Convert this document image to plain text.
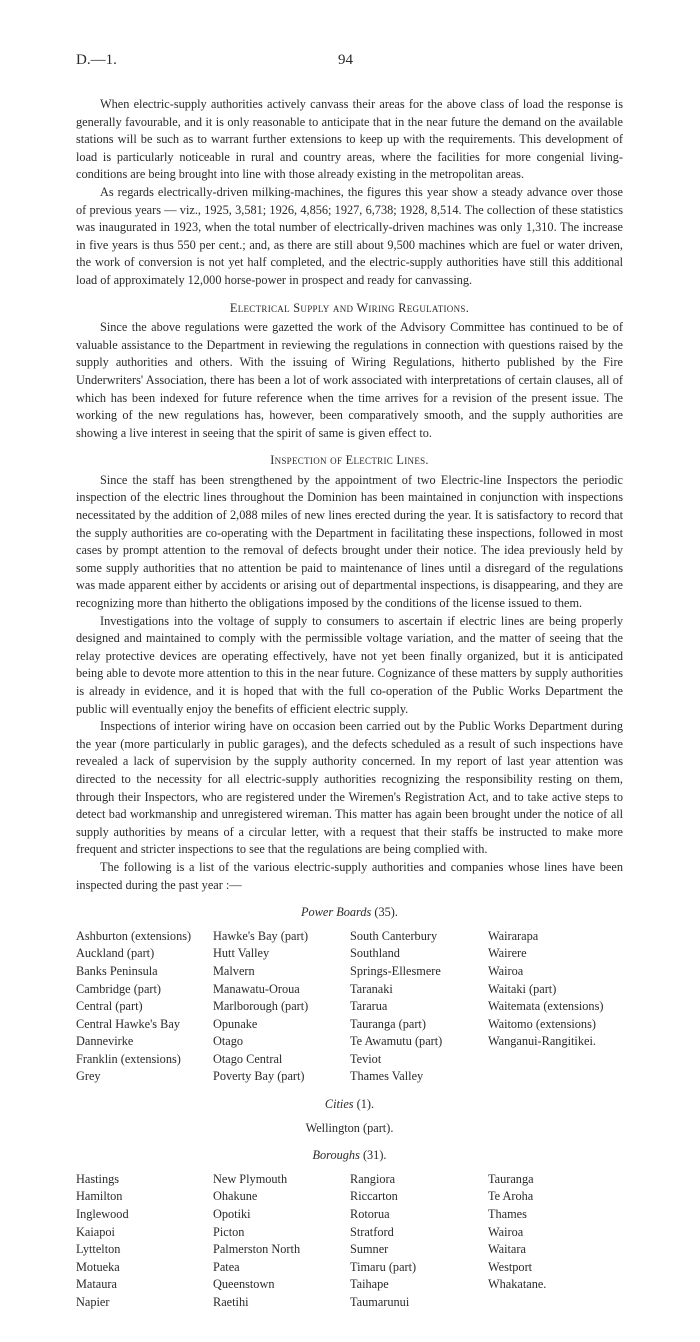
D.—1.	94

When electric-supply authorities actively canvass their areas for the above class of load the response is generally favourable, and it is only reasonable to anticipate that in the near future the demand on the available stations will be such as to warrant further extensions to keep up with the requirements. This development of load is particularly noticeable in rural and country areas, where the facilities for more congenial living-conditions are being brought into line with those already existing in the metropolitan areas.

As regards electrically-driven milking-machines, the figures this year show a steady advance over those of previous years — viz., 1925, 3,581; 1926, 4,856; 1927, 6,738; 1928, 8,514. The collection of these statistics was inaugurated in 1923, when the total number of electrically-driven machines was only 1,310. The increase in five years is thus 550 per cent.; and, as there are still about 9,500 machines which are fuel or water driven, the work of conversion is not yet half completed, and the electric-supply authorities have still this additional load of approximately 12,000 horse-power in prospect and ready for canvassing.

Electrical Supply and Wiring Regulations.

Since the above regulations were gazetted the work of the Advisory Committee has continued to be of valuable assistance to the Department in reviewing the regulations in connection with questions raised by the supply authorities and others. With the issuing of Wiring Regulations, hitherto published by the Fire Underwriters' Association, there has been a lot of work associated with interpretations of certain clauses, all of which has been indexed for future reference when the time arrives for a revision of the present issue. The working of the new regulations has, however, been comparatively smooth, and the supply authorities are showing a live interest in seeing that the spirit of same is given effect to.

Inspection of Electric Lines.

Since the staff has been strengthened by the appointment of two Electric-line Inspectors the periodic inspection of the electric lines throughout the Dominion has been maintained in conjunction with inspections necessitated by the addition of 2,088 miles of new lines erected during the year. It is satisfactory to record that the supply authorities are co-operating with the Department in facilitating these inspections, followed in most cases by prompt attention to the removal of defects brought under their notice. The idea previously held by some supply authorities that no attention be paid to maintenance of lines until a disregard of the regulations was made apparent either by accidents or arising out of departmental inspections, is disappearing, and they are recognizing more than hitherto the obligations imposed by the conditions of the license issued to them.

Investigations into the voltage of supply to consumers to ascertain if electric lines are being properly designed and maintained to comply with the permissible voltage variation, and the matter of seeing that the relay protective devices are operating effectively, have not yet been finally organized, but it is anticipated being able to devote more attention to this in the near future. Cognizance of these matters by supply authorities is already in evidence, and it is hoped that with the full co-operation of the Public Works Department the public will eventually enjoy the benefits of efficient electric supply.

Inspections of interior wiring have on occasion been carried out by the Public Works Department during the year (more particularly in public garages), and the defects scheduled as a result of such inspections have revealed a lack of supervision by the supply authority concerned. In my report of last year attention was directed to the necessity for all electric-supply authorities recognizing the responsibility resting on them, through their Inspectors, who are registered under the Wiremen's Registration Act, and to take active steps to detect bad workmanship and unregistered wireman. This matter has again been brought under the notice of all supply authorities by means of a circular letter, with a request that their staffs be instructed to make more frequent and stricter inspections to see that the regulations are being complied with.

The following is a list of the various electric-supply authorities and companies whose lines have been inspected during the past year :—

Power Boards (35).
Ashburton (extensions)
Auckland (part)
Banks Peninsula
Cambridge (part)
Central (part)
Central Hawke's Bay
Dannevirke
Franklin (extensions)
Grey
Hawke's Bay (part)
Hutt Valley
Malvern
Manawatu-Oroua
Marlborough (part)
Opunake
Otago
Otago Central
Poverty Bay (part)
South Canterbury
Southland
Springs-Ellesmere
Taranaki
Tararua
Tauranga (part)
Te Awamutu (part)
Teviot
Thames Valley
Wairarapa
Wairere
Wairoa
Waitaki (part)
Waitemata (extensions)
Waitomo (extensions)
Wanganui-Rangitikei.
Cities (1).
Wellington (part).
Boroughs (31).
Hastings
Hamilton
Inglewood
Kaiapoi
Lyttelton
Motueka
Mataura
Napier
New Plymouth
Ohakune
Opotiki
Picton
Palmerston North
Patea
Queenstown
Raetihi
Rangiora
Riccarton
Rotorua
Stratford
Sumner
Timaru (part)
Taihape
Taumarunui
Tauranga
Te Aroha
Thames
Wairoa
Waitara
Westport
Whakatane.
